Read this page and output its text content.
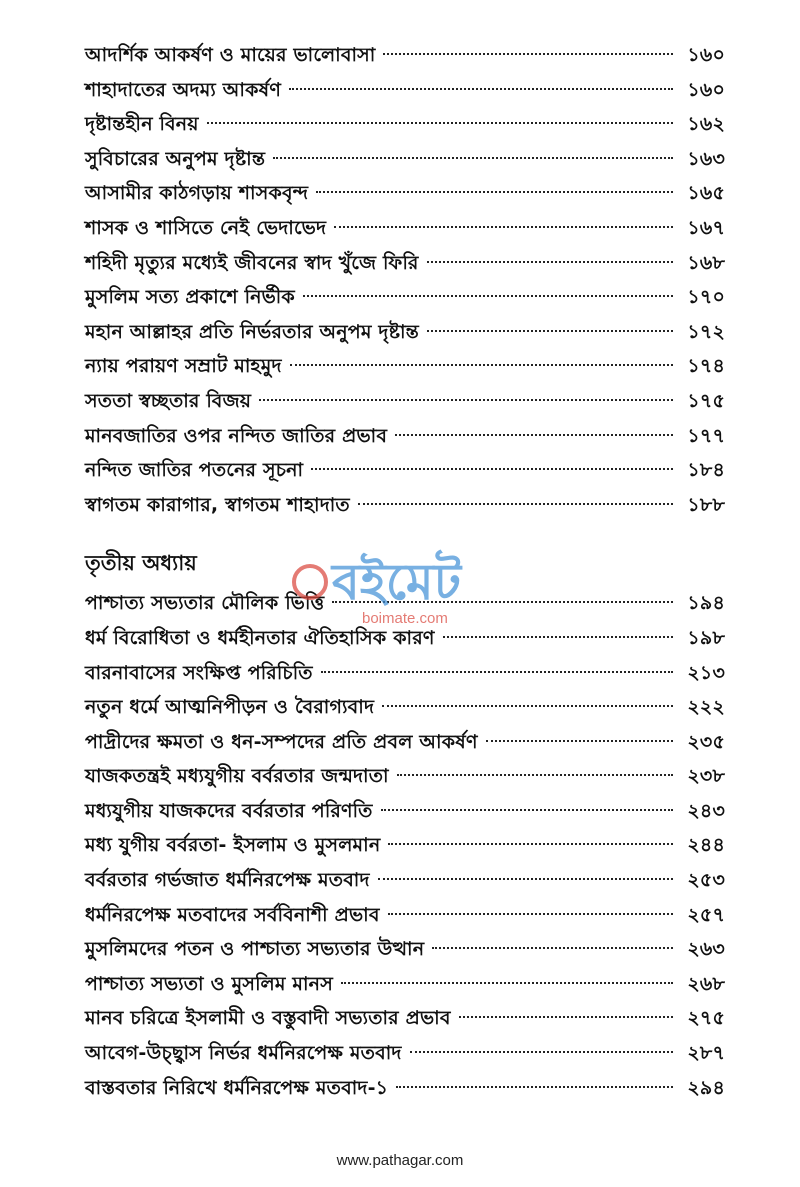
আদর্শিক আকর্ষণ ও মায়ের ভালোবাসা	১৬০
শাহাদাতের অদম্য আকর্ষণ	১৬০
দৃষ্টান্তহীন বিনয়	১৬২
সুবিচারের অনুপম দৃষ্টান্ত	১৬৩
আসামীর কাঠগড়ায় শাসকবৃন্দ	১৬৫
শাসক ও শাসিতে নেই ভেদাভেদ	১৬৭
শহিদী মৃত্যুর মধ্যেই জীবনের স্বাদ খুঁজে ফিরি	১৬৮
মুসলিম সত্য প্রকাশে নির্ভীক	১৭০
মহান আল্লাহর প্রতি নির্ভরতার অনুপম দৃষ্টান্ত	১৭২
ন্যায় পরায়ণ সম্রাট মাহমুদ	১৭৪
সততা স্বচ্ছতার বিজয়	১৭৫
মানবজাতির ওপর নন্দিত জাতির প্রভাব	১৭৭
নন্দিত জাতির পতনের সূচনা	১৮৪
স্বাগতম কারাগার, স্বাগতম শাহাদাত	১৮৮
তৃতীয় অধ্যায়
পাশ্চাত্য সভ্যতার মৌলিক ভিত্তি	১৯৪
ধর্ম বিরোধিতা ও ধর্মহীনতার ঐতিহাসিক কারণ	১৯৮
বারনাবাসের সংক্ষিপ্ত পরিচিতি	২১৩
নতুন ধর্মে আত্মনিপীড়ন ও বৈরাগ্যবাদ	২২২
পাদ্রীদের ক্ষমতা ও ধন-সম্পদের প্রতি প্রবল আকর্ষণ	২৩৫
যাজকতন্ত্রই মধ্যযুগীয় বর্বরতার জন্মদাতা	২৩৮
মধ্যযুগীয় যাজকদের বর্বরতার পরিণতি	২৪৩
মধ্য যুগীয় বর্বরতা- ইসলাম ও মুসলমান	২৪৪
বর্বরতার গর্ভজাত ধর্মনিরপেক্ষ মতবাদ	২৫৩
ধর্মনিরপেক্ষ মতবাদের সর্ববিনাশী প্রভাব	২৫৭
মুসলিমদের পতন ও পাশ্চাত্য সভ্যতার উত্থান	২৬৩
পাশ্চাত্য সভ্যতা ও মুসলিম মানস	২৬৮
মানব চরিত্রে ইসলামী ও বস্তুবাদী সভ্যতার প্রভাব	২৭৫
আবেগ-উচ্ছ্বাস নির্ভর ধর্মনিরপেক্ষ মতবাদ	২৮৭
বাস্তবতার নিরিখে ধর্মনিরপেক্ষ মতবাদ-১	২৯৪
বইমেট
boimate.com
www.pathagar.com
